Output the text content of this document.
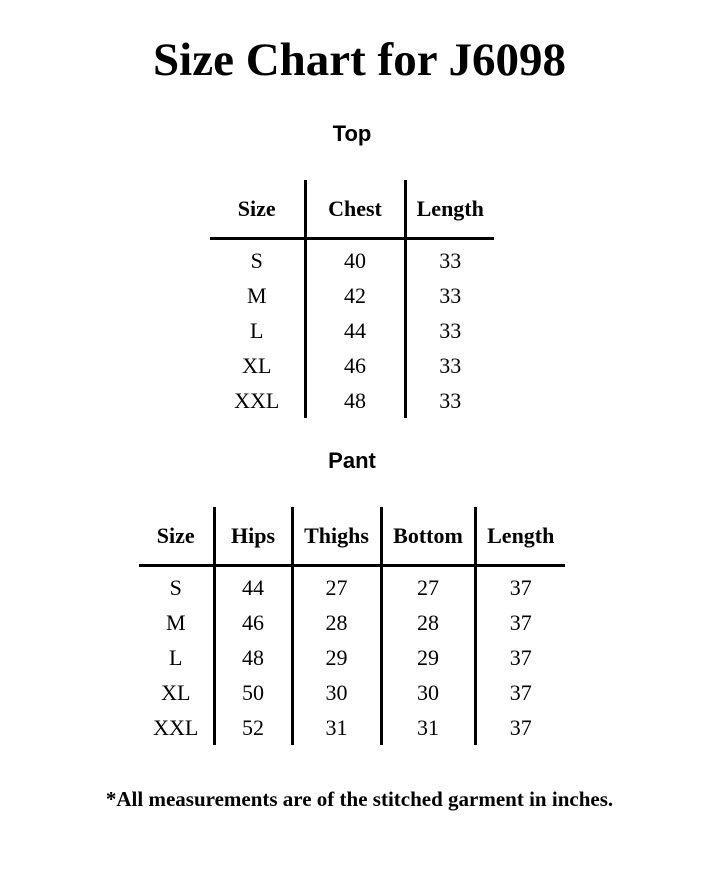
Size Chart for J6098
Top
Size	Chest	Length
S	40	33
M	42	33
L	44	33
XL	46	33
XXL	48	33
Pant
Size	Hips	Thighs	Bottom	Length
S	44	27	27	37
M	46	28	28	37
L	48	29	29	37
XL	50	30	30	37
XXL	52	31	31	37

*All measurements are of the stitched garment in inches.
